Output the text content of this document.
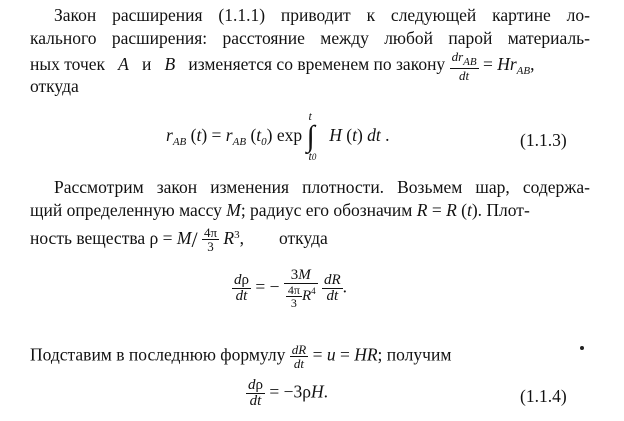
Закон расширения (1.1.1) приводит к следующей картине ло-
кального расширения: расстояние между любой парой материаль-
ных точек A и B изменяется со временем по закону $\frac{dr_{AB}}{dt} = Hr_{AB}$,
откуда
$r_{AB}$ $(t) = r_{AB}$ $(t_0)$ exp ∫
t
t0
H (t) dt .	(1.1.3)
Рассмотрим закон изменения плотности. Возьмем шар, содержа-
щий определенную массу M; радиус его обозначим R = R (t). Плот-
ность вещества $\rho = M/ \frac{4\pi}{3} R^3$,        откуда
$\frac{d\rho}{dt}$ = − $\frac{3M}{\frac{4\pi}{3} R^4}$
$\frac{dR}{dt}$ .
Подставим в последнюю формулу $\frac{dR}{dt} = u$ = HR; получим
$\frac{d\rho}{dt} = -3\rho H$.	(1.1.4)
